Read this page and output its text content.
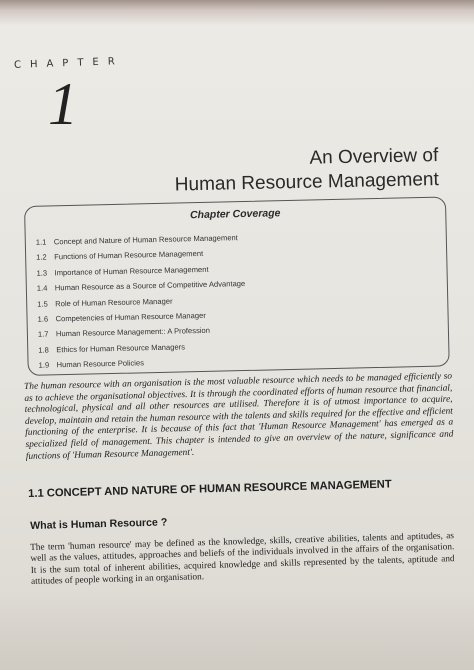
CHAPTER
1
An Overview of
Human Resource Management
Chapter Coverage
1.1 Concept and Nature of Human Resource Management
1.2 Functions of Human Resource Management
1.3 Importance of Human Resource Management
1.4 Human Resource as a Source of Competitive Advantage
1.5 Role of Human Resource Manager
1.6 Competencies of Human Resource Manager
1.7 Human Resource Management:: A Profession
1.8 Ethics for Human Resource Managers
1.9 Human Resource Policies

The human resource with an organisation is the most valuable resource which needs to be managed efficiently so as to achieve the organisational objectives. It is through the coordinated efforts of human resource that financial, technological, physical and all other resources are utilised. Therefore it is of utmost importance to acquire, develop, maintain and retain the human resource with the talents and skills required for the effective and efficient functioning of the enterprise. It is because of this fact that 'Human Resource Management' has emerged as a specialized field of management. This chapter is intended to give an overview of the nature, significance and functions of 'Human Resource Management'.

1.1 CONCEPT AND NATURE OF HUMAN RESOURCE MANAGEMENT
What is Human Resource ?

The term 'human resource' may be defined as the knowledge, skills, creative abilities, talents and aptitudes, as well as the values, attitudes, approaches and beliefs of the individuals involved in the affairs of the organisation. It is the sum total of inherent abilities, acquired knowledge and skills represented by the talents, aptitude and attitudes of people working in an organisation.
